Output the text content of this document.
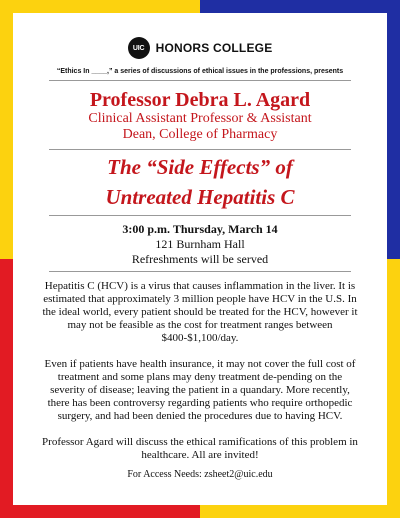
UIC HONORS COLLEGE
“Ethics In ____,” a series of discussions of ethical issues in the professions, presents
Professor Debra L. Agard
Clinical Assistant Professor & Assistant
Dean, College of Pharmacy
The “Side Effects” of
Untreated Hepatitis C
3:00 p.m. Thursday, March 14
121 Burnham Hall
Refreshments will be served
Hepatitis C (HCV) is a virus that causes inflammation in the liver. It is estimated that approximately 3 million people have HCV in the U.S. In the ideal world, every patient should be treated for the HCV, however it may not be feasible as the cost for treatment ranges between $400-$1,100/day.
Even if patients have health insurance, it may not cover the full cost of treatment and some plans may deny treatment de-pending on the severity of disease; leaving the patient in a quandary. More recently, there has been controversy regarding patients who require orthopedic surgery, and had been denied the procedures due to having HCV.
Professor Agard will discuss the ethical ramifications of this problem in healthcare. All are invited!
For Access Needs: zsheet2@uic.edu
